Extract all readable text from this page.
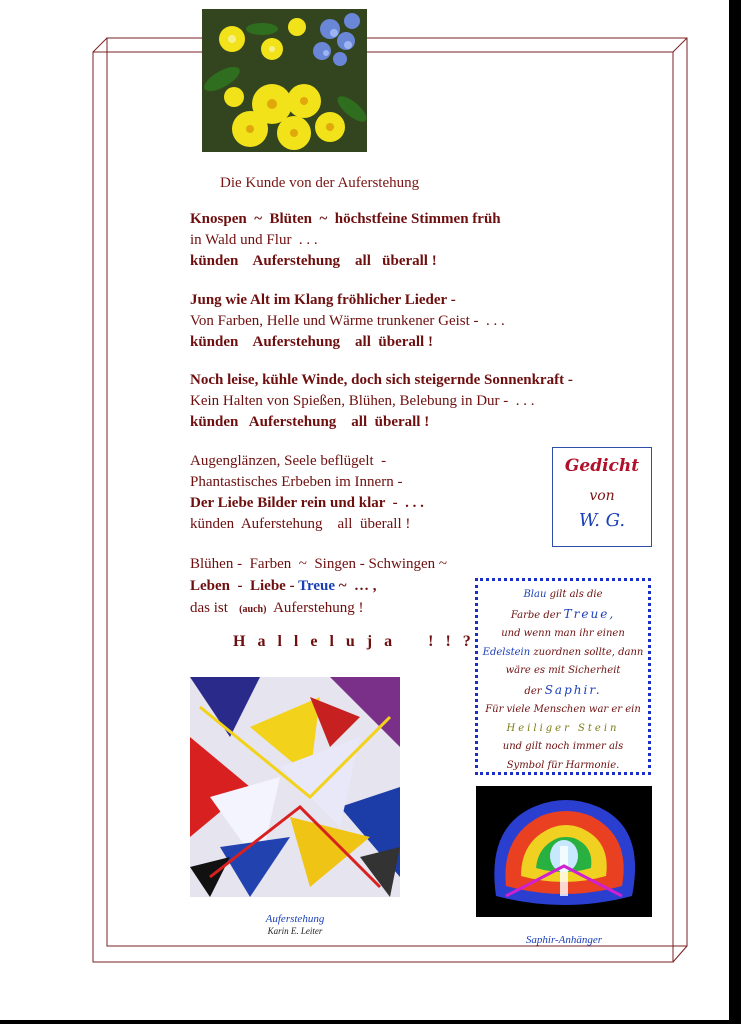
Die Kunde von der Auferstehung
Knospen  ~  Blüten  ~  höchstfeine Stimmen früh
in Wald und Flur  . . .
künden    Auferstehung    all   überall !
Jung wie Alt im Klang fröhlicher Lieder -
Von Farben, Helle und Wärme trunkener Geist -  . . .
künden    Auferstehung    all  überall !
Noch leise, kühle Winde, doch sich steigernde Sonnenkraft -
Kein Halten von Spießen, Blühen, Belebung in Dur -  . . .
künden   Auferstehung    all  überall !
Augenglänzen, Seele beflügelt  -
Phantastisches Erbeben im Innern -
Der Liebe Bilder rein und klar  -  . . .
künden  Auferstehung    all  überall !
Blühen -  Farben  ~  Singen - Schwingen ~
Leben  -  Liebe - Treue ~  … ,
das ist   (auch)  Auferstehung !
H a l l e l u j a    ! ! ?
Gedicht
von
W. G.
Blau gilt als die
Farbe der Treue,
und wenn man ihr einen
Edelstein zuordnen sollte, dann
wäre es mit Sicherheit
der Saphir.
Für viele Menschen war er ein
Heiliger Stein
und gilt noch immer als
Symbol für Harmonie.
Auferstehung
Karin E. Leiter
Saphir-Anhänger
